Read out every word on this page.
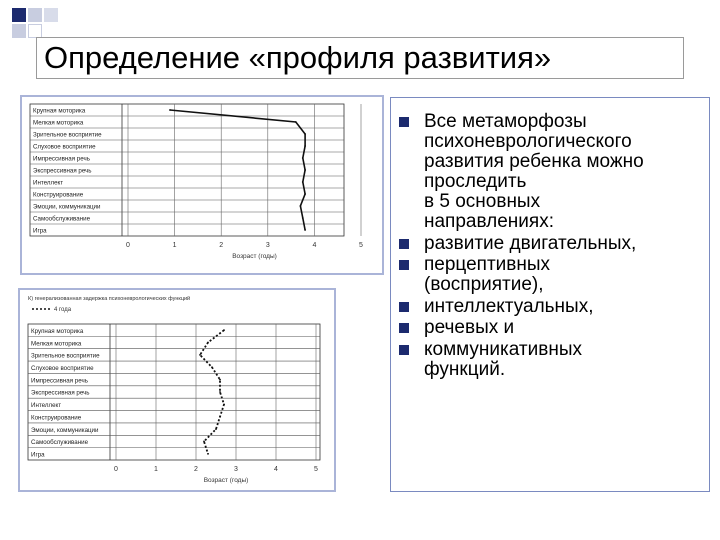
Определение «профиля развития»
Крупная моторика
Мелкая моторика
Зрительное восприятие
Слуховое восприятие
Импрессивная речь
Экспрессивная речь
Интеллект
Конструирование
Эмоции, коммуникации
Самообслуживание
Игра
0	1	2	3	4	5
Возраст (годы)
Крупная моторика
Мелкая моторика
Зрительное восприятие
Слуховое восприятие
Импрессивная речь
Экспрессивная речь
Интеллект
Конструирование
Эмоции, коммуникации
Самообслуживание
Игра
0	1	2	3	4	5
Возраст (годы)
К) генерализованная задержка психоневрологических функций
4 года
Все метаморфозы
психоневрологического
развития ребенка можно
проследить
в 5 основных
направлениях:
развитие двигательных,
перцептивных
(восприятие),
интеллектуальных,
речевых и
коммуникативных
функций.
